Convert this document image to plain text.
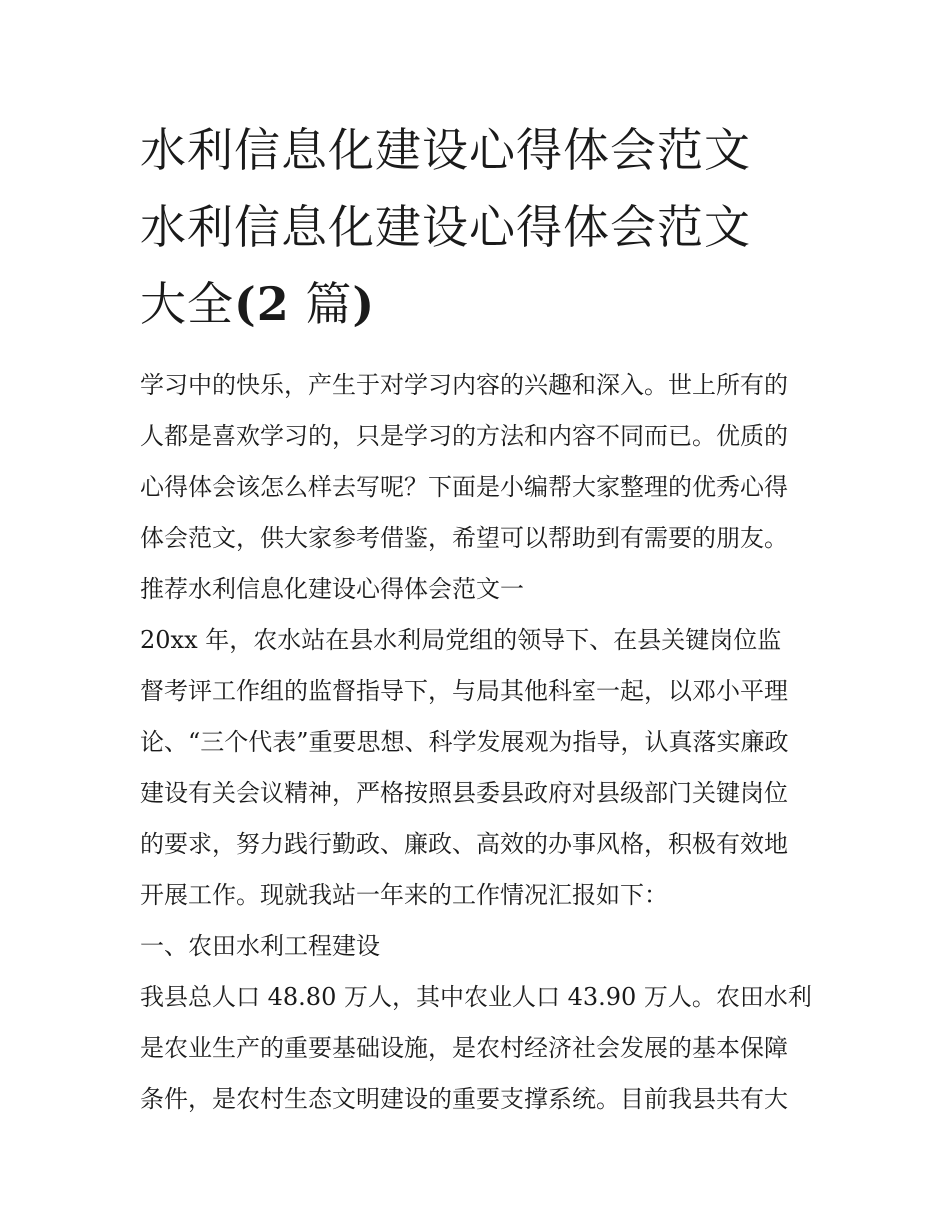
水利信息化建设心得体会范文
水利信息化建设心得体会范文
大全(2 篇)

学习中的快乐，产生于对学习内容的兴趣和深入。世上所有的

人都是喜欢学习的，只是学习的方法和内容不同而已。优质的

心得体会该怎么样去写呢？下面是小编帮大家整理的优秀心得

体会范文，供大家参考借鉴，希望可以帮助到有需要的朋友。

推荐水利信息化建设心得体会范文一

20xx 年，农水站在县水利局党组的领导下、在县关键岗位监

督考评工作组的监督指导下，与局其他科室一起，以邓小平理

论、“三个代表”重要思想、科学发展观为指导，认真落实廉政

建设有关会议精神，严格按照县委县政府对县级部门关键岗位

的要求，努力践行勤政、廉政、高效的办事风格，积极有效地

开展工作。现就我站一年来的工作情况汇报如下：

一、农田水利工程建设

我县总人口 48.80 万人，其中农业人口 43.90 万人。农田水利

是农业生产的重要基础设施，是农村经济社会发展的基本保障

条件，是农村生态文明建设的重要支撑系统。目前我县共有大
